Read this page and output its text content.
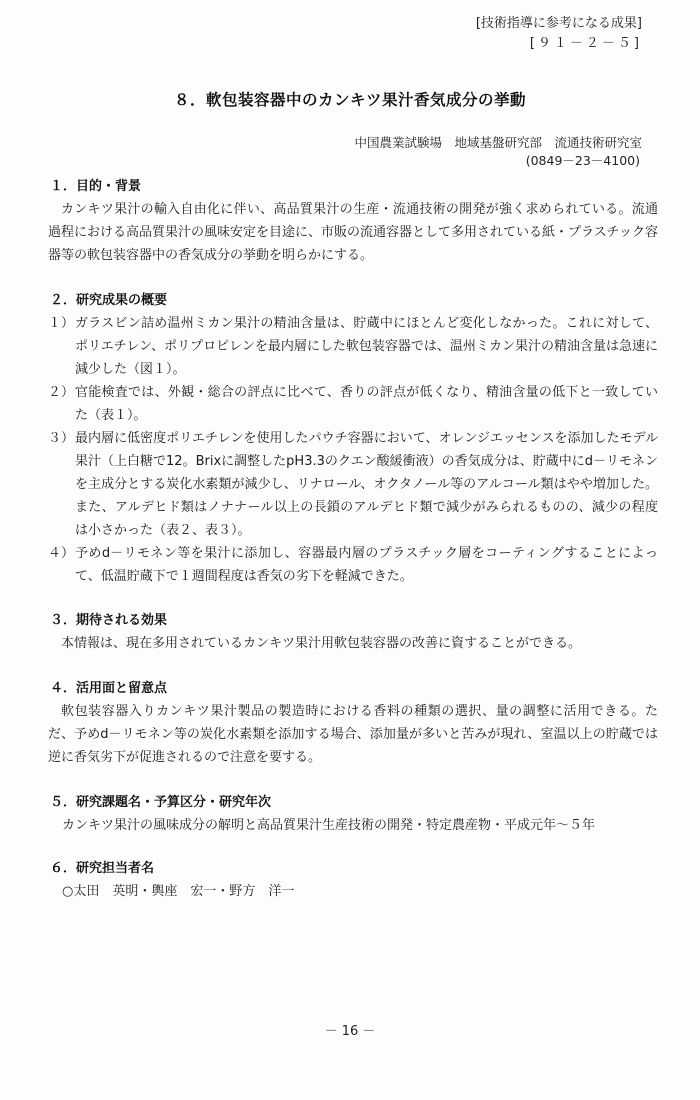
[技術指導に参考になる成果]
[９１－２－５]
８．軟包装容器中のカンキツ果汁香気成分の挙動
中国農業試験場　地域基盤研究部　流通技術研究室
(0849－23－4100)
１．目的・背景
カンキツ果汁の輸入自由化に伴い、高品質果汁の生産・流通技術の開発が強く求められている。流通過程における高品質果汁の風味安定を目途に、市販の流通容器として多用されている紙・プラスチック容器等の軟包装容器中の香気成分の挙動を明らかにする。
２．研究成果の概要
１） ガラスビン詰め温州ミカン果汁の精油含量は、貯蔵中にほとんど変化しなかった。これに対して、ポリエチレン、ポリプロピレンを最内層にした軟包装容器では、温州ミカン果汁の精油含量は急速に減少した（図１）。
２） 官能検査では、外観・総合の評点に比べて、香りの評点が低くなり、精油含量の低下と一致していた（表１）。
３） 最内層に低密度ポリエチレンを使用したパウチ容器において、オレンジエッセンスを添加したモデル果汁（上白糖で12。Brixに調整したpH3.3のクエン酸緩衝液）の香気成分は、貯蔵中にd－リモネンを主成分とする炭化水素類が減少し、リナロール、オクタノール等のアルコール類はやや増加した。また、アルデヒド類はノナナール以上の長鎖のアルデヒド類で減少がみられるものの、減少の程度は小さかった（表２、表３）。
４） 予めd－リモネン等を果汁に添加し、容器最内層のプラスチック層をコーティングすることによって、低温貯蔵下で１週間程度は香気の劣下を軽減できた。
３．期待される効果
本情報は、現在多用されているカンキツ果汁用軟包装容器の改善に資することができる。
４．活用面と留意点
軟包装容器入りカンキツ果汁製品の製造時における香料の種類の選択、量の調整に活用できる。ただ、予めd－リモネン等の炭化水素類を添加する場合、添加量が多いと苦みが現れ、室温以上の貯蔵では逆に香気劣下が促進されるので注意を要する。
５．研究課題名・予算区分・研究年次
カンキツ果汁の風味成分の解明と高品質果汁生産技術の開発・特定農産物・平成元年～５年
６．研究担当者名
○太田　英明・輿座　宏一・野方　洋一
－ 16 －
